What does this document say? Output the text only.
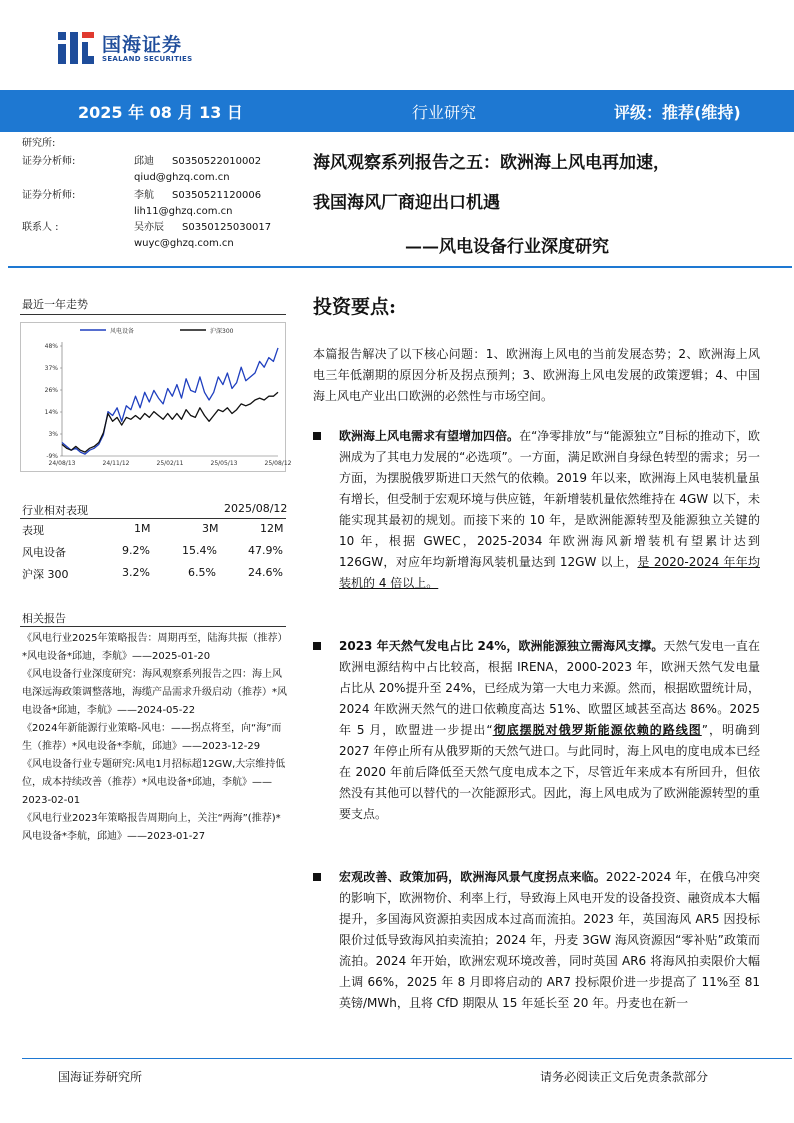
国海证券
SEALAND SECURITIES
2025 年 08 月 13 日	行业研究	评级：推荐(维持)
研究所:
证券分析师:	邱迪 S0350522010002
qiud@ghzq.com.cn
证券分析师:	李航 S0350521120006
lih11@ghzq.com.cn
联系人 :	吴亦辰 S0350125030017
wuyc@ghzq.com.cn
海风观察系列报告之五：欧洲海上风电再加速，
我国海风厂商迎出口机遇
——风电设备行业深度研究
最近一年走势
风电设备	沪深300
48%
37%
26%
14%
3%
-9%
24/08/13	24/11/12	25/02/11	25/05/13	25/08/12
行业相对表现	2025/08/12
表现	1M	3M	12M
风电设备	9.2%	15.4%	47.9%
沪深 300	3.2%	6.5%	24.6%
相关报告

《风电行业2025年策略报告：周期再至，陆海共振（推荐）*风电设备*邱迪，李航》——2025-01-20

《风电设备行业深度研究：海风观察系列报告之四：海上风电深远海政策调整落地，海缆产品需求升级启动（推荐）*风电设备*邱迪，李航》——2024-05-22

《2024年新能源行业策略-风电：——拐点将至，向“海”而生（推荐）*风电设备*李航，邱迪》——2023-12-29

《风电设备行业专题研究:风电1月招标超12GW,大宗维持低位，成本持续改善（推荐）*风电设备*邱迪，李航》——2023-02-01

《风电行业2023年策略报告周期向上，关注“两海”(推荐)*风电设备*李航，邱迪》——2023-01-27

投资要点:
本篇报告解决了以下核心问题：1、欧洲海上风电的当前发展态势；2、欧洲海上风电三年低潮期的原因分析及拐点预判；3、欧洲海上风电发展的政策逻辑；4、中国海上风电产业出口欧洲的必然性与市场空间。
欧洲海上风电需求有望增加四倍。在“净零排放”与“能源独立”目标的推动下，欧洲成为了其电力发展的“必选项”。一方面，满足欧洲自身绿色转型的需求；另一方面，为摆脱俄罗斯进口天然气的依赖。2019 年以来，欧洲海上风电装机量虽有增长，但受制于宏观环境与供应链，年新增装机量依然维持在 4GW 以下，未能实现其最初的规划。而接下来的 10 年，是欧洲能源转型及能源独立关键的 10 年，根据 GWEC，2025-2034 年欧洲海风新增装机有望累计达到 126GW，对应年均新增海风装机量达到 12GW 以上，是 2020-2024 年年均装机的 4 倍以上。
2023 年天然气发电占比 24%，欧洲能源独立需海风支撑。天然气发电一直在欧洲电源结构中占比较高，根据 IRENA，2000-2023 年，欧洲天然气发电量占比从 20%提升至 24%，已经成为第一大电力来源。然而，根据欧盟统计局，2024 年欧洲天然气的进口依赖度高达 51%、欧盟区域甚至高达 86%。2025 年 5 月，欧盟进一步提出“彻底摆脱对俄罗斯能源依赖的路线图”，明确到 2027 年停止所有从俄罗斯的天然气进口。与此同时，海上风电的度电成本已经在 2020 年前后降低至天然气度电成本之下，尽管近年来成本有所回升，但依然没有其他可以替代的一次能源形式。因此，海上风电成为了欧洲能源转型的重要支点。
宏观改善、政策加码，欧洲海风景气度拐点来临。2022-2024 年，在俄乌冲突的影响下，欧洲物价、利率上行，导致海上风电开发的设备投资、融资成本大幅提升，多国海风资源拍卖因成本过高而流拍。2023 年，英国海风 AR5 因投标限价过低导致海风拍卖流拍；2024 年，丹麦 3GW 海风资源因“零补贴”政策而流拍。2024 年开始，欧洲宏观环境改善，同时英国 AR6 将海风拍卖限价大幅上调 66%，2025 年 8 月即将启动的 AR7 投标限价进一步提高了 11%至 81 英镑/MWh，且将 CfD 期限从 15 年延长至 20 年。丹麦也在新一
国海证券研究所	请务必阅读正文后免责条款部分
